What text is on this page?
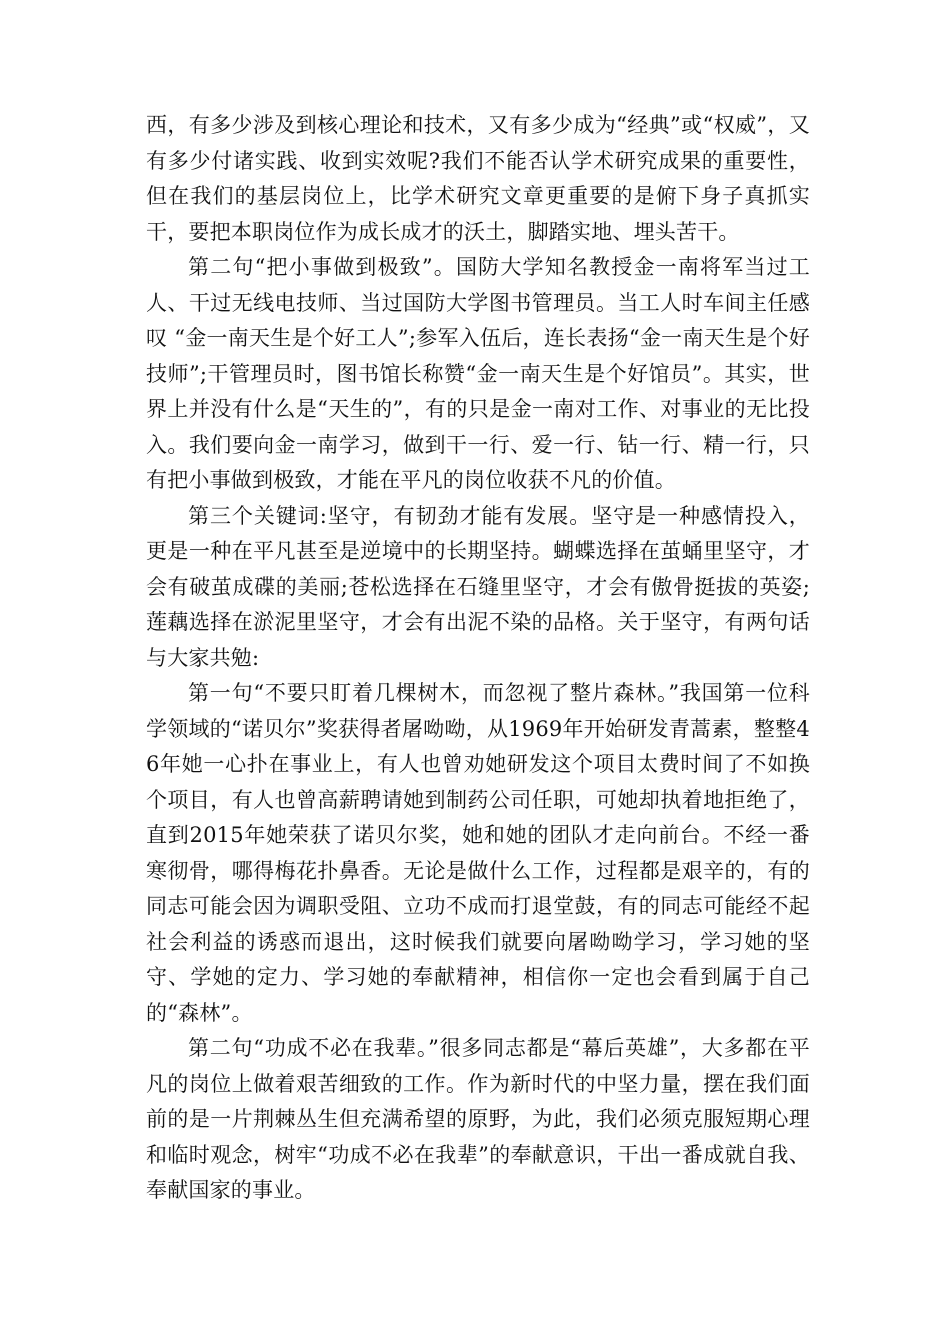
西，有多少涉及到核心理论和技术，又有多少成为“经典”或“权威”，又有多少付诸实践、收到实效呢?我们不能否认学术研究成果的重要性，但在我们的基层岗位上，比学术研究文章更重要的是俯下身子真抓实干，要把本职岗位作为成长成才的沃土，脚踏实地、埋头苦干。

第二句“把小事做到极致”。国防大学知名教授金一南将军当过工人、干过无线电技师、当过国防大学图书管理员。当工人时车间主任感叹 “金一南天生是个好工人”;参军入伍后，连长表扬“金一南天生是个好技师”;干管理员时，图书馆长称赞“金一南天生是个好馆员”。其实，世界上并没有什么是“天生的”，有的只是金一南对工作、对事业的无比投入。我们要向金一南学习，做到干一行、爱一行、钻一行、精一行，只有把小事做到极致，才能在平凡的岗位收获不凡的价值。

第三个关键词:坚守，有韧劲才能有发展。坚守是一种感情投入，更是一种在平凡甚至是逆境中的长期坚持。蝴蝶选择在茧蛹里坚守，才会有破茧成碟的美丽;苍松选择在石缝里坚守，才会有傲骨挺拔的英姿;莲藕选择在淤泥里坚守，才会有出泥不染的品格。关于坚守，有两句话与大家共勉:

第一句“不要只盯着几棵树木，而忽视了整片森林。”我国第一位科学领域的“诺贝尔”奖获得者屠呦呦，从1969年开始研发青蒿素，整整46年她一心扑在事业上，有人也曾劝她研发这个项目太费时间了不如换个项目，有人也曾高薪聘请她到制药公司任职，可她却执着地拒绝了，直到2015年她荣获了诺贝尔奖，她和她的团队才走向前台。不经一番寒彻骨，哪得梅花扑鼻香。无论是做什么工作，过程都是艰辛的，有的同志可能会因为调职受阻、立功不成而打退堂鼓，有的同志可能经不起社会利益的诱惑而退出，这时候我们就要向屠呦呦学习，学习她的坚守、学她的定力、学习她的奉献精神，相信你一定也会看到属于自己的“森林”。

第二句“功成不必在我辈。”很多同志都是“幕后英雄”，大多都在平凡的岗位上做着艰苦细致的工作。作为新时代的中坚力量，摆在我们面前的是一片荆棘丛生但充满希望的原野，为此，我们必须克服短期心理和临时观念，树牢“功成不必在我辈”的奉献意识，干出一番成就自我、奉献国家的事业。
